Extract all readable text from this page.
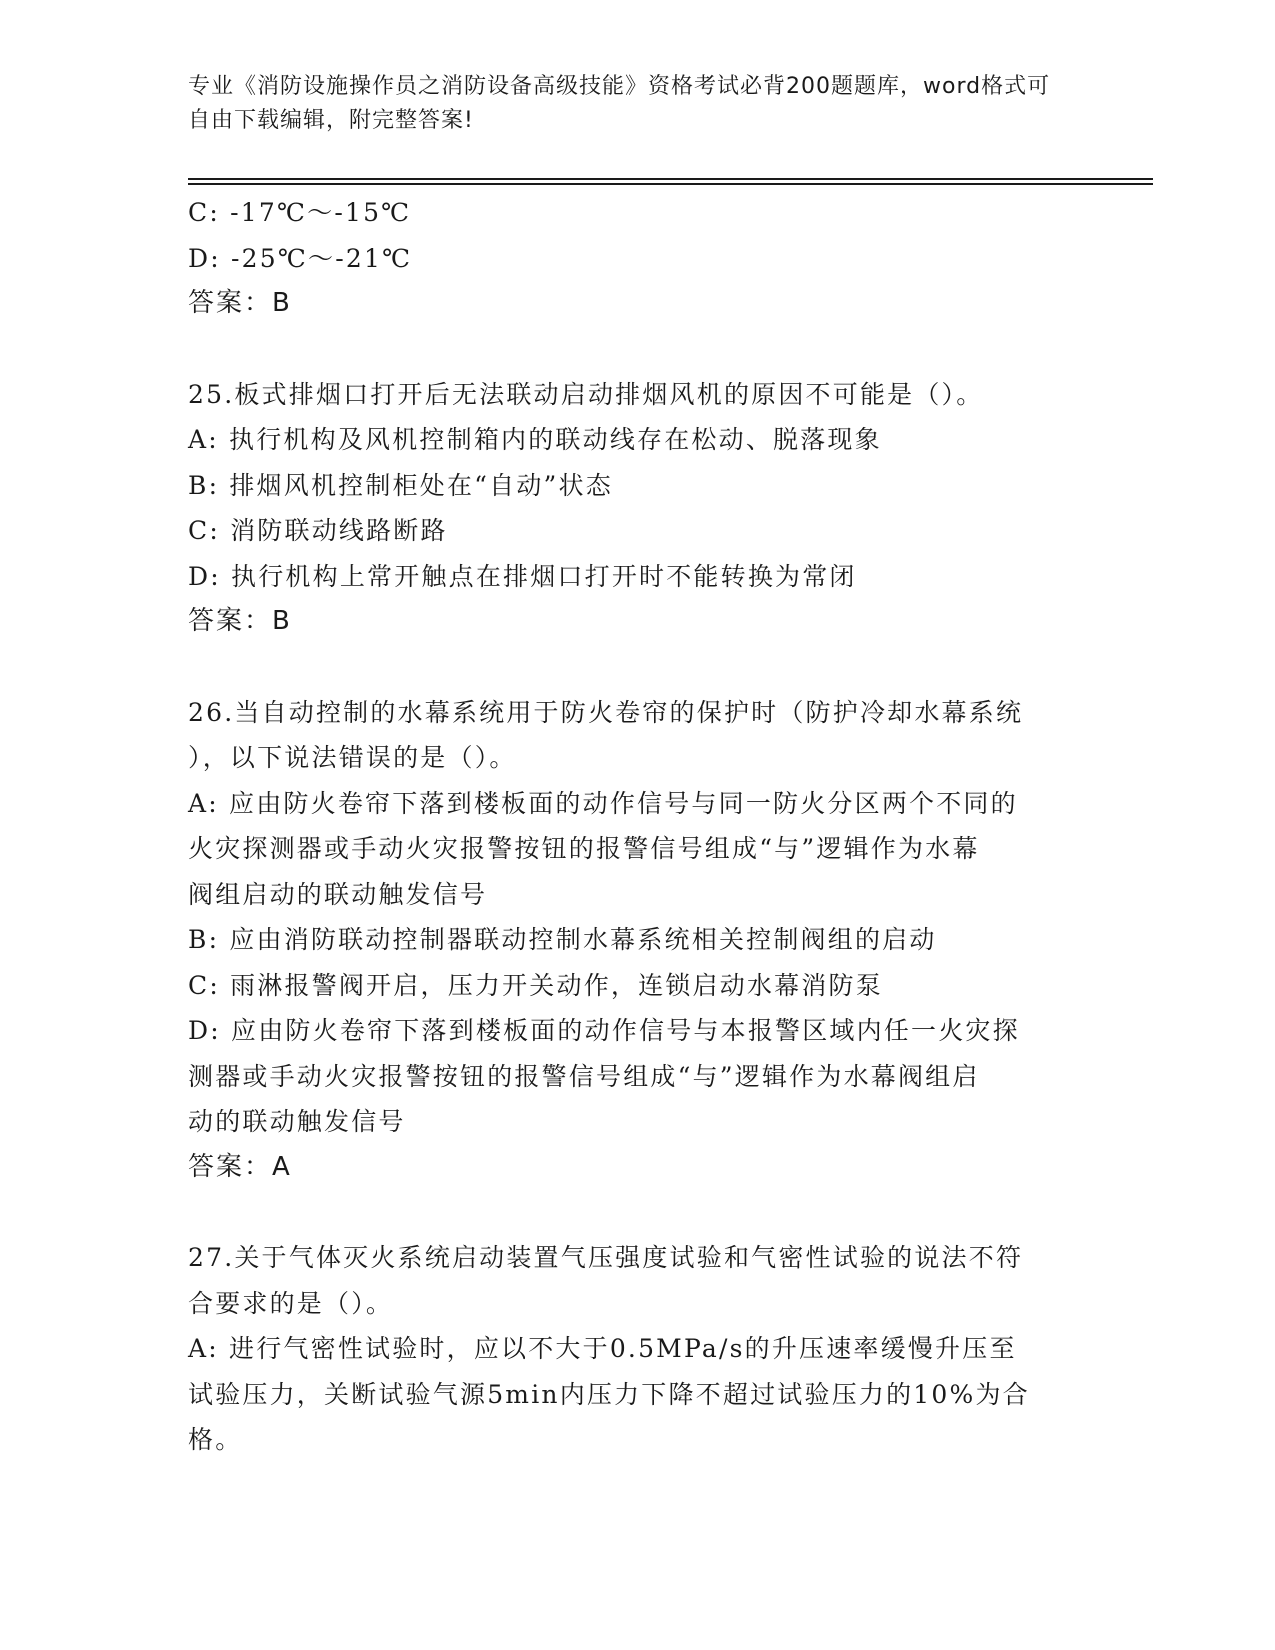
专业《消防设施操作员之消防设备高级技能》资格考试必背200题题库，word格式可自由下载编辑，附完整答案!
C: -17℃～-15℃
D: -25℃～-21℃
答案：B
25.板式排烟口打开后无法联动启动排烟风机的原因不可能是（）。
A: 执行机构及风机控制箱内的联动线存在松动、脱落现象
B: 排烟风机控制柜处在“自动”状态
C: 消防联动线路断路
D: 执行机构上常开触点在排烟口打开时不能转换为常闭
答案：B
26.当自动控制的水幕系统用于防火卷帘的保护时（防护冷却水幕系统
），以下说法错误的是（）。
A: 应由防火卷帘下落到楼板面的动作信号与同一防火分区两个不同的
火灾探测器或手动火灾报警按钮的报警信号组成“与”逻辑作为水幕
阀组启动的联动触发信号
B: 应由消防联动控制器联动控制水幕系统相关控制阀组的启动
C: 雨淋报警阀开启，压力开关动作，连锁启动水幕消防泵
D: 应由防火卷帘下落到楼板面的动作信号与本报警区域内任一火灾探
测器或手动火灾报警按钮的报警信号组成“与”逻辑作为水幕阀组启
动的联动触发信号
答案：A
27.关于气体灭火系统启动装置气压强度试验和气密性试验的说法不符
合要求的是（）。
A: 进行气密性试验时，应以不大于0.5MPa/s的升压速率缓慢升压至
试验压力，关断试验气源5min内压力下降不超过试验压力的10%为合
格。
